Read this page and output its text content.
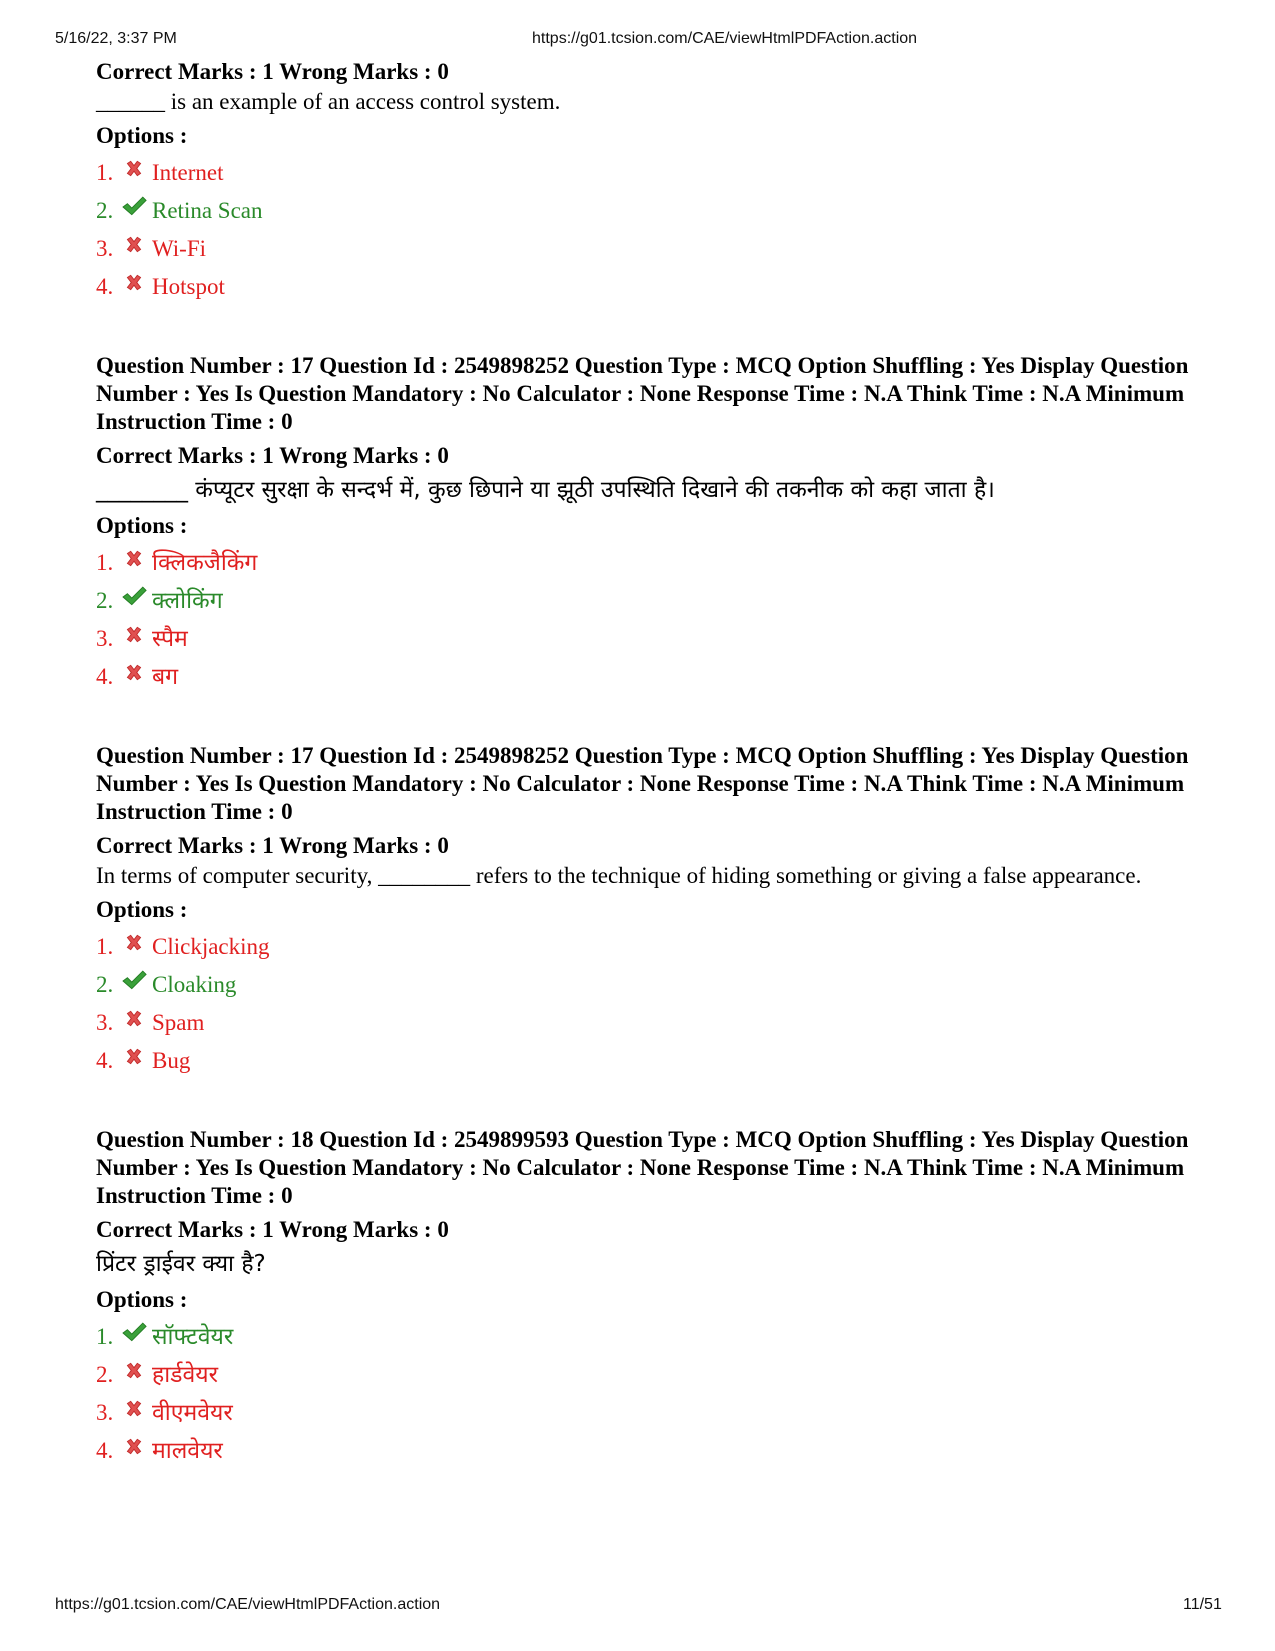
5/16/22, 3:37 PM	https://g01.tcsion.com/CAE/viewHtmlPDFAction.action
Correct Marks : 1 Wrong Marks : 0
______ is an example of an access control system.
Options :
1. Internet
2. Retina Scan
3. Wi-Fi
4. Hotspot
Question Number : 17 Question Id : 2549898252 Question Type : MCQ Option Shuffling : Yes Display Question Number : Yes Is Question Mandatory : No Calculator : None Response Time : N.A Think Time : N.A Minimum Instruction Time : 0
Correct Marks : 1 Wrong Marks : 0
________ कंप्यूटर सुरक्षा के सन्दर्भ में, कुछ छिपाने या झूठी उपस्थिति दिखाने की तकनीक को कहा जाता है।
Options :
1. क्लिकजैकिंग
2. क्लोकिंग
3. स्पैम
4. बग
Question Number : 17 Question Id : 2549898252 Question Type : MCQ Option Shuffling : Yes Display Question Number : Yes Is Question Mandatory : No Calculator : None Response Time : N.A Think Time : N.A Minimum Instruction Time : 0
Correct Marks : 1 Wrong Marks : 0
In terms of computer security, ________ refers to the technique of hiding something or giving a false appearance.
Options :
1. Clickjacking
2. Cloaking
3. Spam
4. Bug
Question Number : 18 Question Id : 2549899593 Question Type : MCQ Option Shuffling : Yes Display Question Number : Yes Is Question Mandatory : No Calculator : None Response Time : N.A Think Time : N.A Minimum Instruction Time : 0
Correct Marks : 1 Wrong Marks : 0
प्रिंटर ड्राईवर क्या है?
Options :
1. सॉफ्टवेयर
2. हार्डवेयर
3. वीएमवेयर
4. मालवेयर
https://g01.tcsion.com/CAE/viewHtmlPDFAction.action	11/51
